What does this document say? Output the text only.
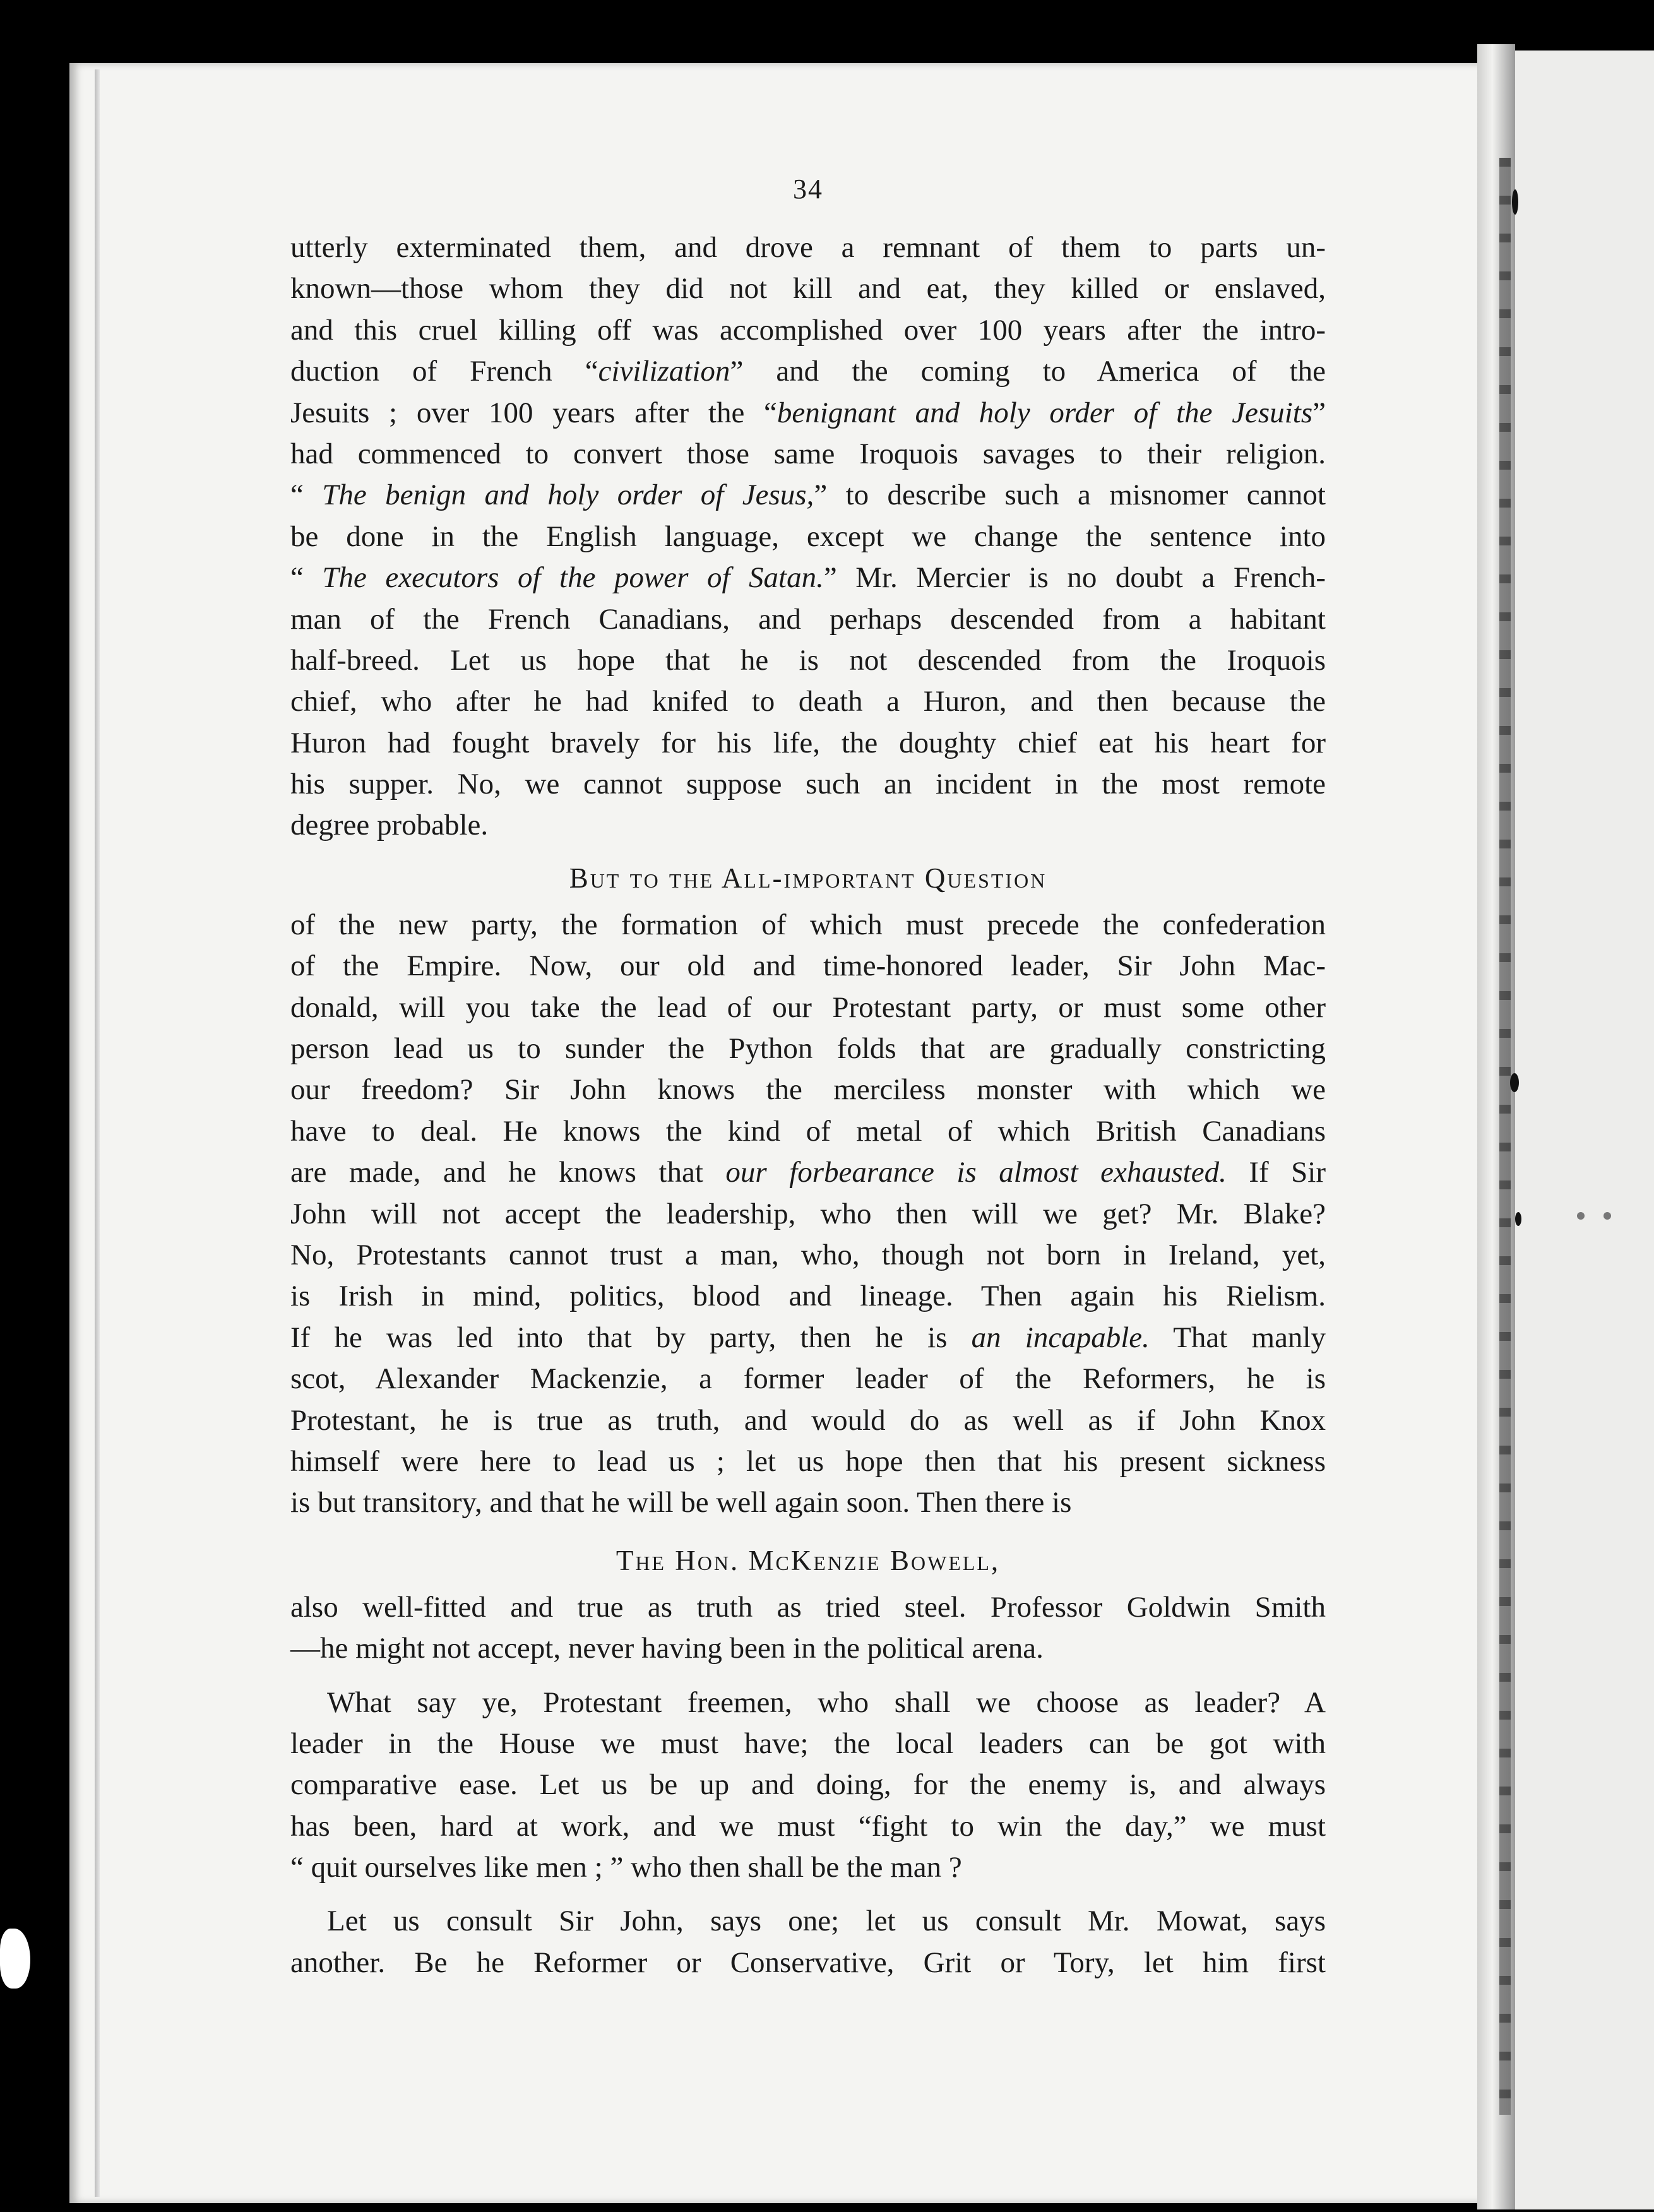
34
utterly exterminated them, and drove a remnant of them to parts un-
known—those whom they did not kill and eat, they killed or enslaved,
and this cruel killing off was accomplished over 100 years after the intro-
duction of French “civilization” and the coming to America of the
Jesuits ; over 100 years after the “benignant and holy order of the Jesuits”
had commenced to convert those same Iroquois savages to their religion.
“ The benign and holy order of Jesus,” to describe such a misnomer cannot
be done in the English language, except we change the sentence into
“ The executors of the power of Satan.” Mr. Mercier is no doubt a French-
man of the French Canadians, and perhaps descended from a habitant
half-breed. Let us hope that he is not descended from the Iroquois
chief, who after he had knifed to death a Huron, and then because the
Huron had fought bravely for his life, the doughty chief eat his heart for
his supper. No, we cannot suppose such an incident in the most remote
degree probable.
But to the All-important Question
of the new party, the formation of which must precede the confederation
of the Empire. Now, our old and time-honored leader, Sir John Mac-
donald, will you take the lead of our Protestant party, or must some other
person lead us to sunder the Python folds that are gradually constricting
our freedom? Sir John knows the merciless monster with which we
have to deal. He knows the kind of metal of which British Canadians
are made, and he knows that our forbearance is almost exhausted. If Sir
John will not accept the leadership, who then will we get? Mr. Blake?
No, Protestants cannot trust a man, who, though not born in Ireland, yet,
is Irish in mind, politics, blood and lineage. Then again his Rielism.
If he was led into that by party, then he is an incapable. That manly
scot, Alexander Mackenzie, a former leader of the Reformers, he is
Protestant, he is true as truth, and would do as well as if John Knox
himself were here to lead us ; let us hope then that his present sickness
is but transitory, and that he will be well again soon. Then there is
The Hon. McKenzie Bowell,
also well-fitted and true as truth as tried steel. Professor Goldwin Smith
—he might not accept, never having been in the political arena.
What say ye, Protestant freemen, who shall we choose as leader? A
leader in the House we must have; the local leaders can be got with
comparative ease. Let us be up and doing, for the enemy is, and always
has been, hard at work, and we must “fight to win the day,” we must
“ quit ourselves like men ; ” who then shall be the man ?
Let us consult Sir John, says one; let us consult Mr. Mowat, says
another. Be he Reformer or Conservative, Grit or Tory, let him first
